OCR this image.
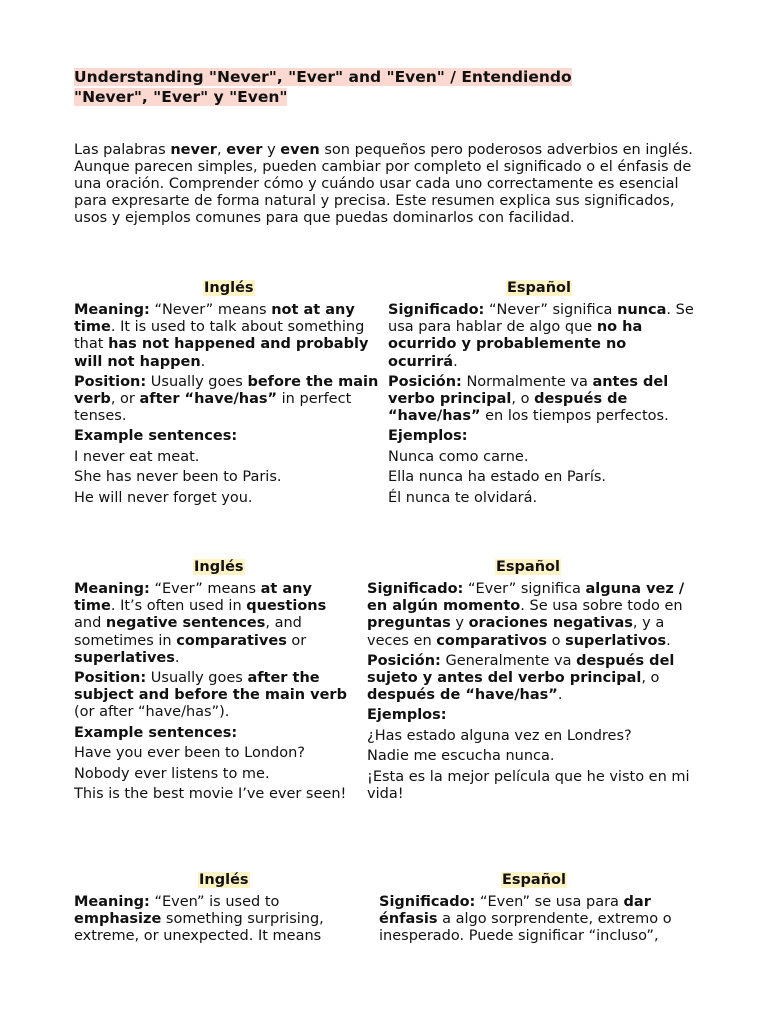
Understanding "Never", "Ever" and "Even" / Entendiendo "Never", "Ever" y "Even"
Las palabras never, ever y even son pequeños pero poderosos adverbios en inglés. Aunque parecen simples, pueden cambiar por completo el significado o el énfasis de una oración. Comprender cómo y cuándo usar cada uno correctamente es esencial para expresarte de forma natural y precisa. Este resumen explica sus significados, usos y ejemplos comunes para que puedas dominarlos con facilidad.
Inglés
Meaning: “Never” means not at any time. It is used to talk about something that has not happened and probably will not happen.
Position: Usually goes before the main verb, or after “have/has” in perfect tenses.
Example sentences:
I never eat meat.
She has never been to Paris.
He will never forget you.
Español
Significado: “Never” significa nunca. Se usa para hablar de algo que no ha ocurrido y probablemente no ocurrirá.
Posición: Normalmente va antes del verbo principal, o después de “have/has” en los tiempos perfectos.
Ejemplos:
Nunca como carne.
Ella nunca ha estado en París.
Él nunca te olvidará.
Inglés
Meaning: “Ever” means at any time. It’s often used in questions and negative sentences, and sometimes in comparatives or superlatives.
Position: Usually goes after the subject and before the main verb (or after “have/has”).
Example sentences:
Have you ever been to London?
Nobody ever listens to me.
This is the best movie I’ve ever seen!
Español
Significado: “Ever” significa alguna vez / en algún momento. Se usa sobre todo en preguntas y oraciones negativas, y a veces en comparativos o superlativos.
Posición: Generalmente va después del sujeto y antes del verbo principal, o después de “have/has”.
Ejemplos:
¿Has estado alguna vez en Londres?
Nadie me escucha nunca.
¡Esta es la mejor película que he visto en mi vida!
Inglés
Meaning: “Even” is used to emphasize something surprising, extreme, or unexpected. It means
Español
Significado: “Even” se usa para dar énfasis a algo sorprendente, extremo o inesperado. Puede significar “incluso”,
